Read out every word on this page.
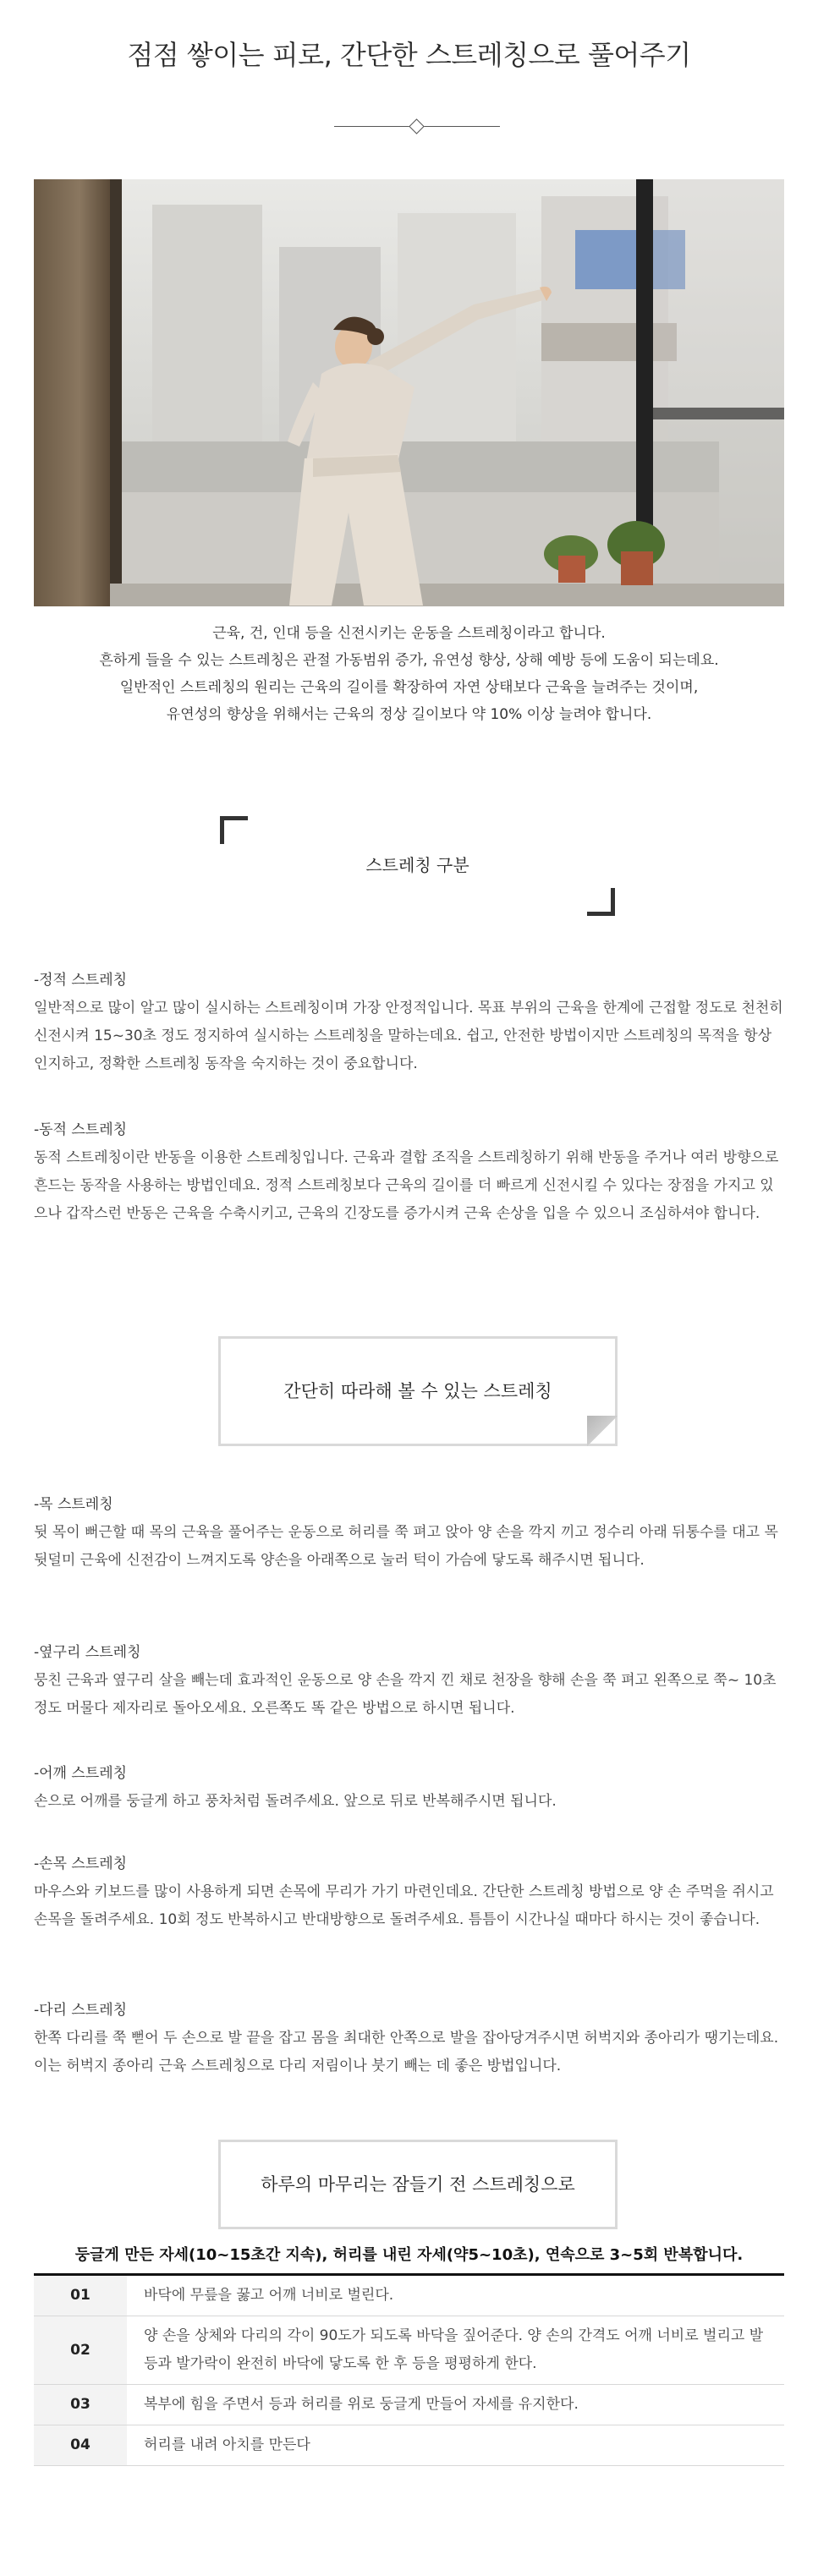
점점 쌓이는 피로, 간단한 스트레칭으로 풀어주기

근육, 건, 인대 등을 신전시키는 운동을 스트레칭이라고 합니다.

흔하게 들을 수 있는 스트레칭은 관절 가동범위 증가, 유연성 향상, 상해 예방 등에 도움이 되는데요.

일반적인 스트레칭의 원리는 근육의 길이를 확장하여 자연 상태보다 근육을 늘려주는 것이며,

유연성의 향상을 위해서는 근육의 정상 길이보다 약 10% 이상 늘려야 합니다.

스트레칭 구분

-정적 스트레칭

일반적으로 많이 알고 많이 실시하는 스트레칭이며 가장 안정적입니다. 목표 부위의 근육을 한계에 근접할 정도로 천천히 신전시켜 15~30초 정도 정지하여 실시하는 스트레칭을 말하는데요. 쉽고, 안전한 방법이지만 스트레칭의 목적을 항상 인지하고, 정확한 스트레칭 동작을 숙지하는 것이 중요합니다.

-동적 스트레칭

동적 스트레칭이란 반동을 이용한 스트레칭입니다. 근육과 결합 조직을 스트레칭하기 위해 반동을 주거나 여러 방향으로 흔드는 동작을 사용하는 방법인데요. 정적 스트레칭보다 근육의 길이를 더 빠르게 신전시킬 수 있다는 장점을 가지고 있으나 갑작스런 반동은 근육을 수축시키고, 근육의 긴장도를 증가시켜 근육 손상을 입을 수 있으니 조심하셔야 합니다.

간단히 따라해 볼 수 있는 스트레칭

-목 스트레칭

뒷 목이 뻐근할 때 목의 근육을 풀어주는 운동으로 허리를 쭉 펴고 앉아 양 손을 깍지 끼고 정수리 아래 뒤통수를 대고 목 뒷덜미 근육에 신전감이 느껴지도록 양손을 아래쪽으로 눌러 턱이 가슴에 닿도록 해주시면 됩니다.

-옆구리 스트레칭

뭉친 근육과 옆구리 살을 빼는데 효과적인 운동으로 양 손을 깍지 낀 채로 천장을 향해 손을 쭉 펴고 왼쪽으로 쭉~ 10초정도 머물다 제자리로 돌아오세요. 오른쪽도 똑 같은 방법으로 하시면 됩니다.

-어깨 스트레칭

손으로 어깨를 둥글게 하고 풍차처럼 돌려주세요. 앞으로 뒤로 반복해주시면 됩니다.

-손목 스트레칭

마우스와 키보드를 많이 사용하게 되면 손목에 무리가 가기 마련인데요. 간단한 스트레칭 방법으로 양 손 주먹을 쥐시고 손목을 돌려주세요. 10회 정도 반복하시고 반대방향으로 돌려주세요. 틈틈이 시간나실 때마다 하시는 것이 좋습니다.

-다리 스트레칭

한쪽 다리를 쭉 뻗어 두 손으로 발 끝을 잡고 몸을 최대한 안쪽으로 발을 잡아당겨주시면 허벅지와 종아리가 땡기는데요. 이는 허벅지 종아리 근육 스트레칭으로 다리 저림이나 붓기 빼는 데 좋은 방법입니다.

하루의 마무리는 잠들기 전 스트레칭으로

둥글게 만든 자세(10~15초간 지속), 허리를 내린 자세(약5~10초), 연속으로 3~5회 반복합니다.

01	바닥에 무릎을 꿇고 어깨 너비로 벌린다.
02	양 손을 상체와 다리의 각이 90도가 되도록 바닥을 짚어준다. 양 손의 간격도 어깨 너비로 벌리고 발등과 발가락이 완전히 바닥에 닿도록 한 후 등을 평평하게 한다.
03	복부에 힘을 주면서 등과 허리를 위로 둥글게 만들어 자세를 유지한다.
04	허리를 내려 아치를 만든다
